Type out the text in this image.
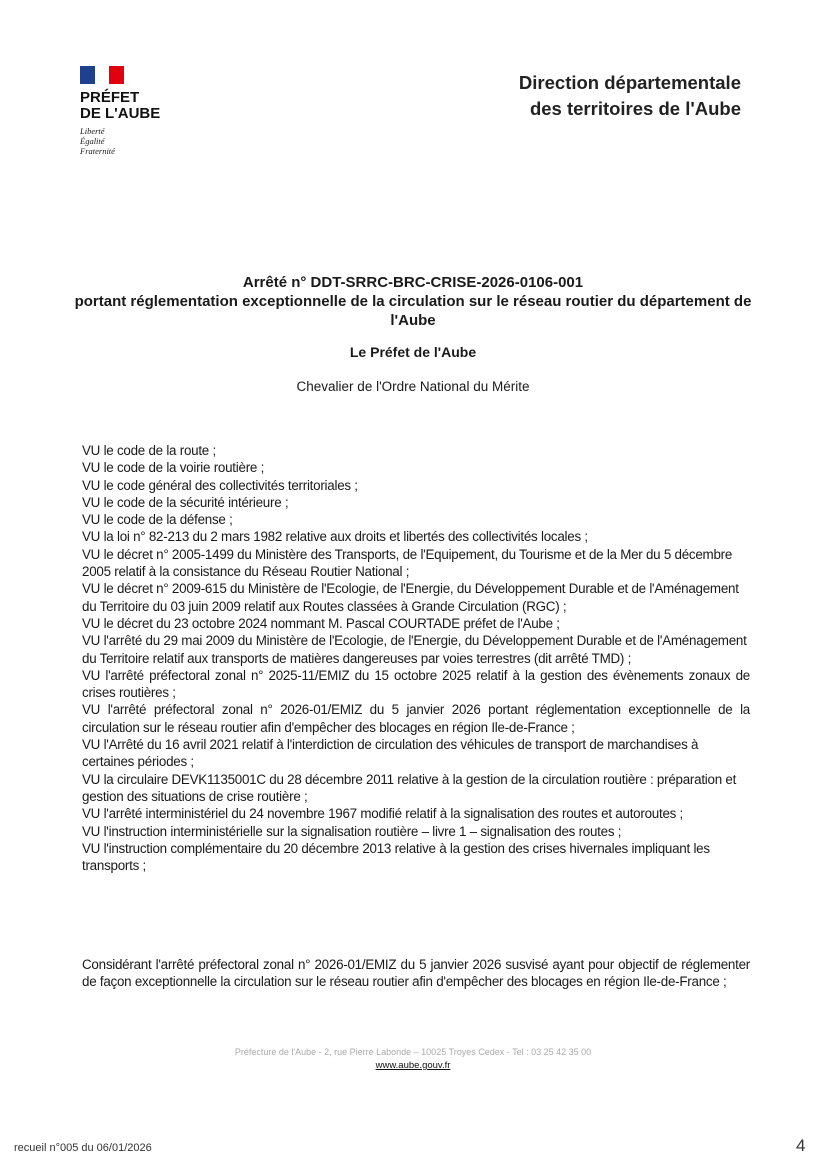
PRÉFET
DE L'AUBE
Liberté
Égalité
Fraternité
Direction départementale
des territoires de l'Aube
Arrêté n° DDT-SRRC-BRC-CRISE-2026-0106-001
portant réglementation exceptionnelle de la circulation sur le réseau routier du département de l'Aube
Le Préfet de l'Aube
Chevalier de l'Ordre National du Mérite

VU le code de la route ;

VU le code de la voirie routière ;

VU le code général des collectivités territoriales ;

VU le code de la sécurité intérieure ;

VU le code de la défense ;

VU la loi n° 82-213 du 2 mars 1982 relative aux droits et libertés des collectivités locales ;

VU le décret n° 2005-1499 du Ministère des Transports, de l'Equipement, du Tourisme et de la Mer du 5 décembre 2005 relatif à la consistance du Réseau Routier National ;

VU le décret n° 2009-615 du Ministère de l'Ecologie, de l'Energie, du Développement Durable et de l'Aménagement du Territoire du 03 juin 2009 relatif aux Routes classées à Grande Circulation (RGC) ;

VU le décret du 23 octobre 2024 nommant M. Pascal COURTADE préfet de l'Aube ;

VU l'arrêté du 29 mai 2009 du Ministère de l'Ecologie, de l'Energie, du Développement Durable et de l'Aménagement du Territoire relatif aux transports de matières dangereuses par voies terrestres (dit arrêté TMD) ;

VU l'arrêté préfectoral zonal n° 2025-11/EMIZ du 15 octobre 2025 relatif à la gestion des évènements zonaux de crises routières ;

VU l'arrêté préfectoral zonal n° 2026-01/EMIZ du 5 janvier 2026 portant réglementation exceptionnelle de la circulation sur le réseau routier afin d'empêcher des blocages en région Ile-de-France ;

VU l'Arrêté du 16 avril 2021 relatif à l'interdiction de circulation des véhicules de transport de marchandises à certaines périodes ;

VU la circulaire DEVK1135001C du 28 décembre 2011 relative à la gestion de la circulation routière : préparation et gestion des situations de crise routière ;

VU l'arrêté interministériel du 24 novembre 1967 modifié relatif à la signalisation des routes et autoroutes ;

VU l'instruction interministérielle sur la signalisation routière – livre 1 – signalisation des routes ;

VU l'instruction complémentaire du 20 décembre 2013 relative à la gestion des crises hivernales impliquant les transports ;

Considérant l'arrêté préfectoral zonal n° 2026-01/EMIZ du 5 janvier 2026 susvisé ayant pour objectif de réglementer de façon exceptionnelle la circulation sur le réseau routier afin d'empêcher des blocages en région Ile-de-France ;

Préfecture de l'Aube - 2, rue Pierre Labonde – 10025 Troyes Cedex - Tel : 03 25 42 35 00
www.aube.gouv.fr
recueil n°005 du 06/01/2026	4
